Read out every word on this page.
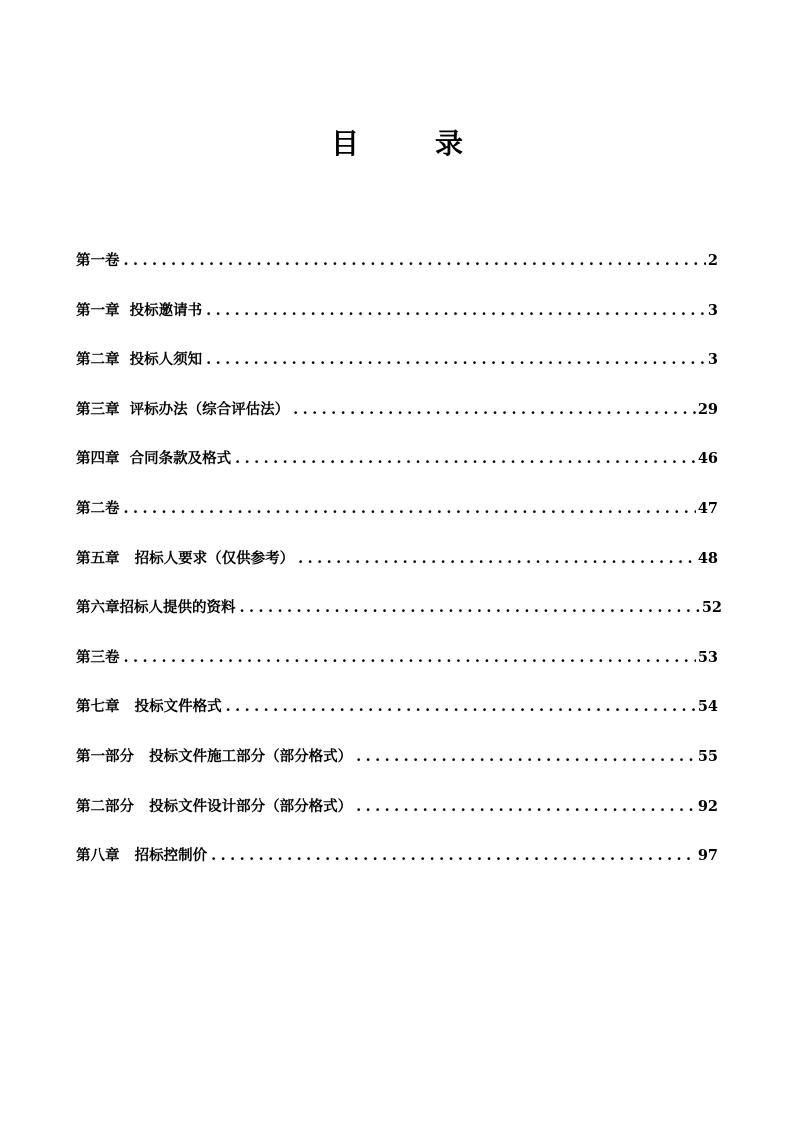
目	录
第一卷 . . .	2
第一章  投标邀请书 . . .	3
第二章  投标人须知 . . .	3
第三章  评标办法（综合评估法） . . .	29
第四章  合同条款及格式 . . .	46
第二卷 . . .	47
第五章   招标人要求（仅供参考） . . .	48
第六章招标人提供的资料 . . .	52
第三卷 . . .	53
第七章   投标文件格式 . . .	54
第一部分   投标文件施工部分（部分格式） . . .	55
第二部分   投标文件设计部分（部分格式） . . .	92
第八章   招标控制价 . . .	97
